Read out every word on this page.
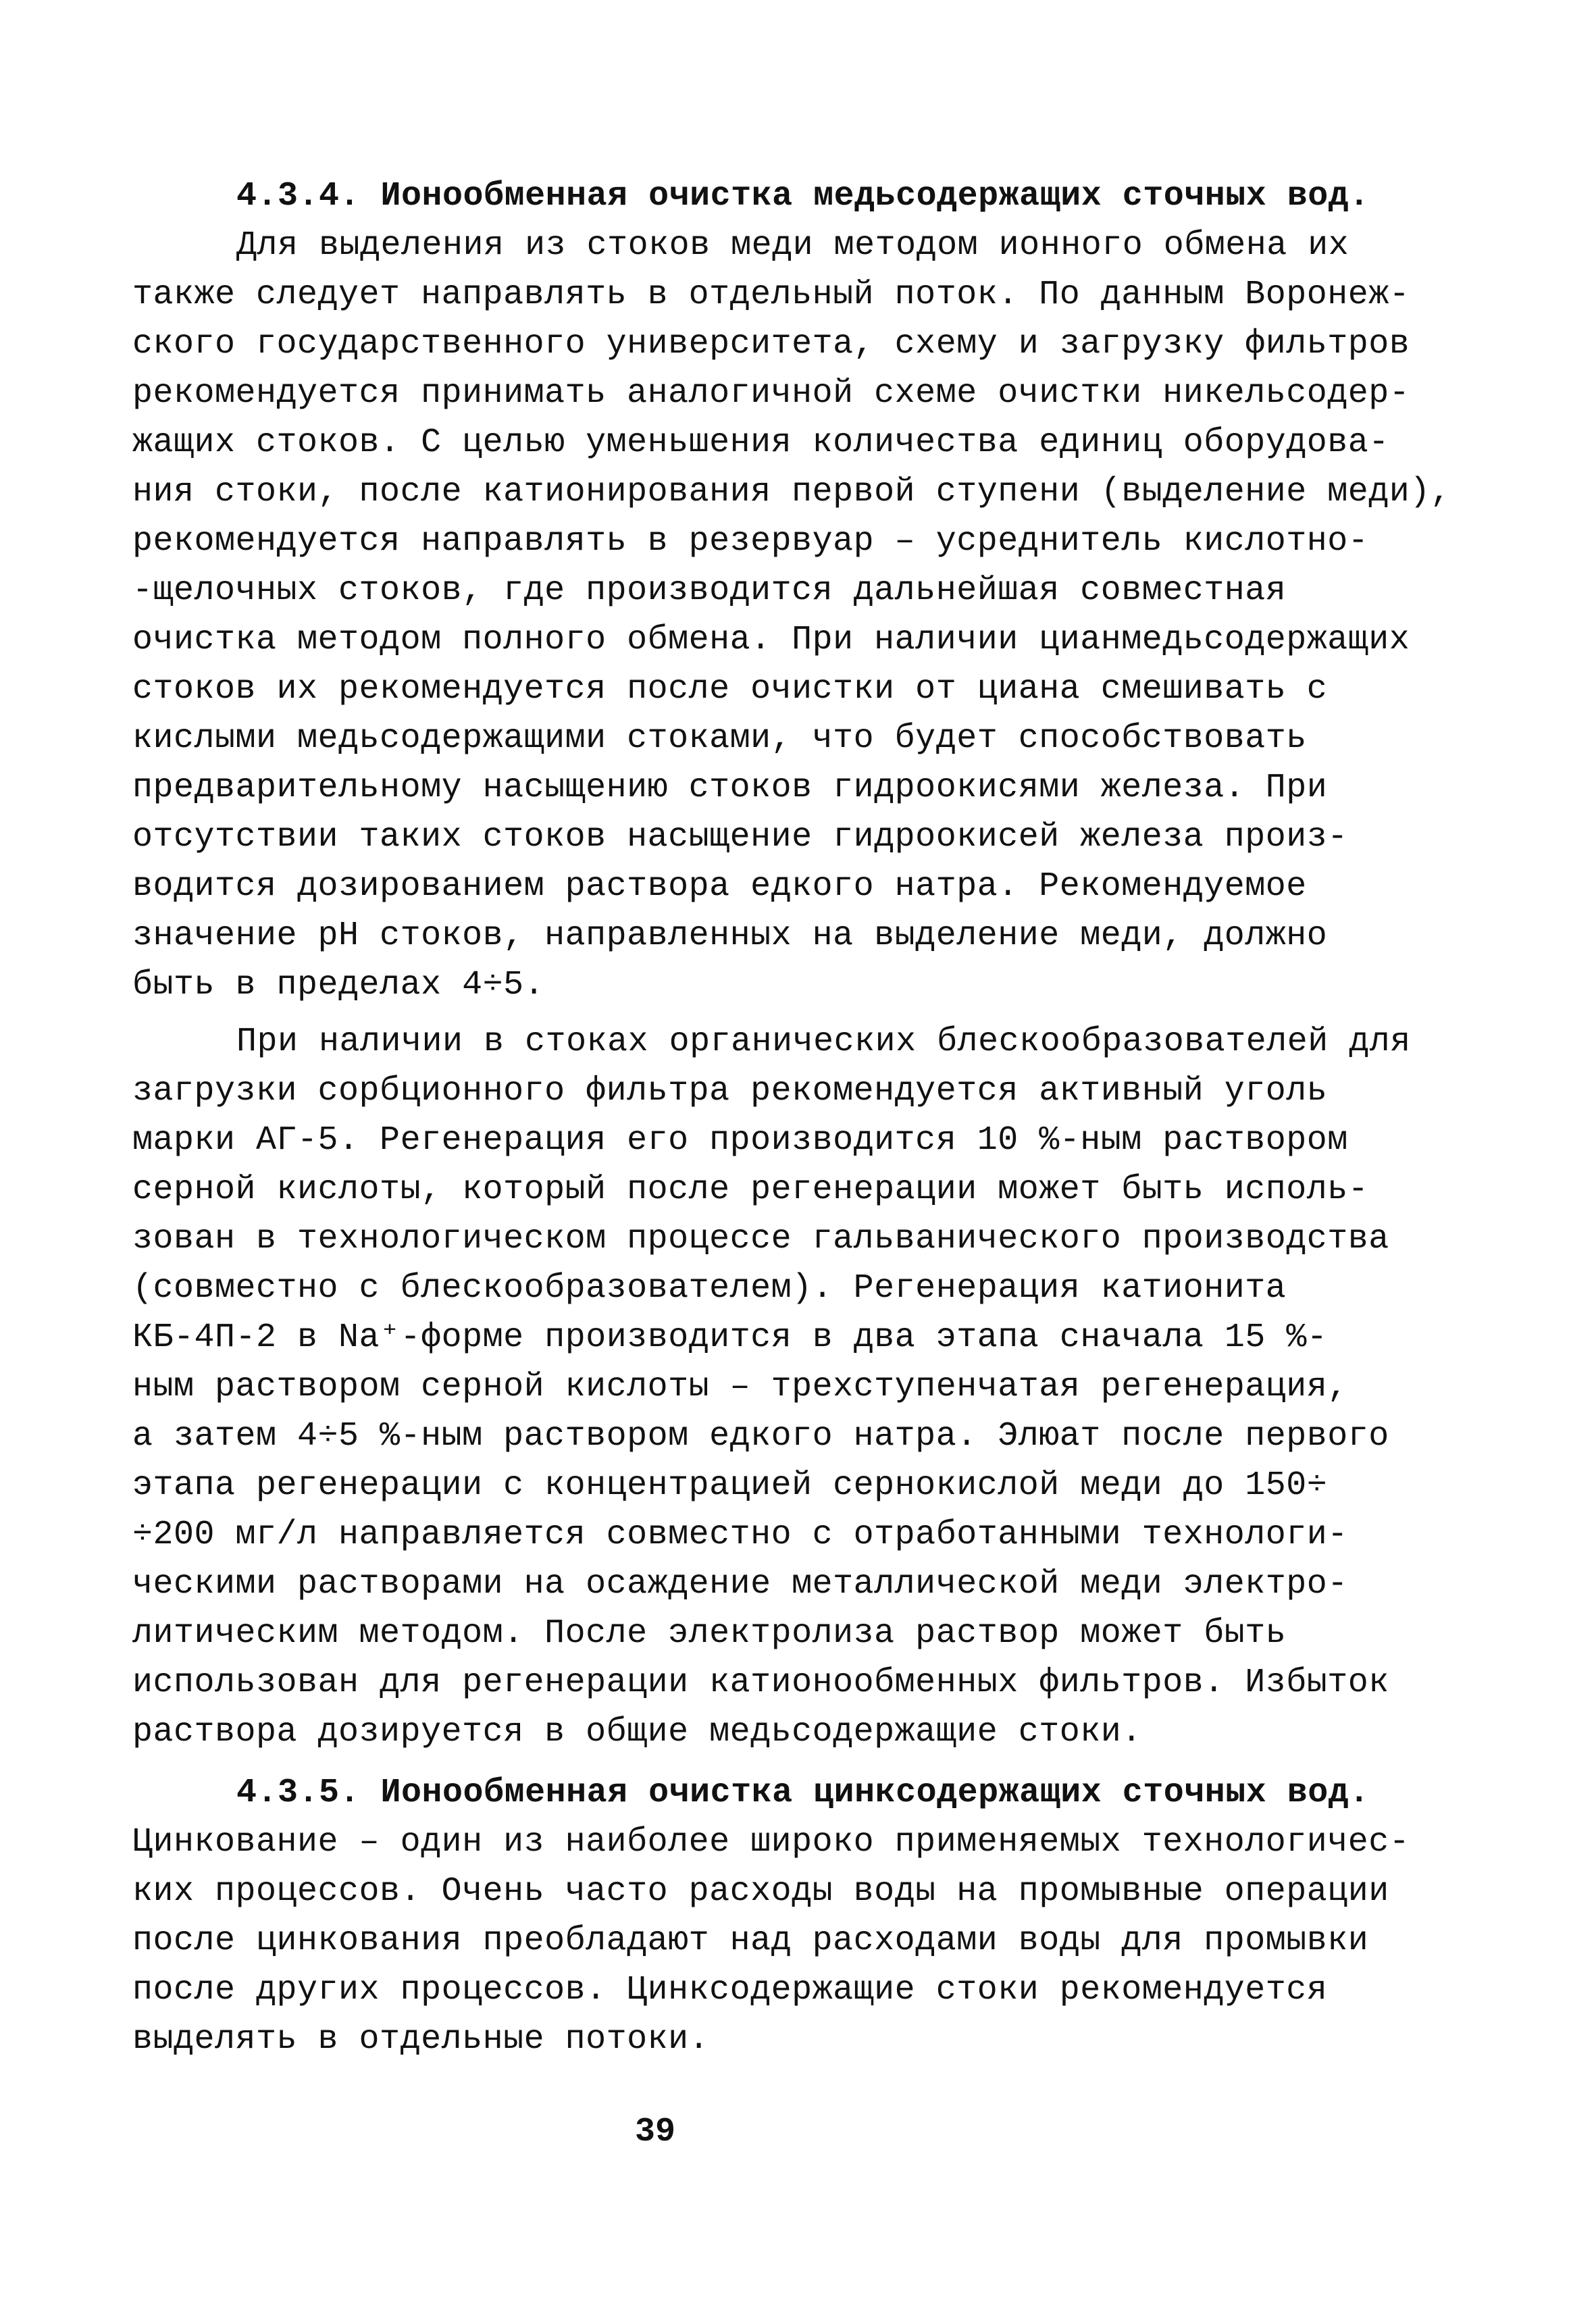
4.3.4. Ионообменная очистка медьсодержащих сточных вод.
Для выделения из стоков меди методом ионного обмена их
также следует направлять в отдельный поток. По данным Воронеж-
ского государственного университета, схему и загрузку фильтров
рекомендуется принимать аналогичной схеме очистки никельсодер-
жащих стоков. С целью уменьшения количества единиц оборудова-
ния стоки, после катионирования первой ступени (выделение меди),
рекомендуется направлять в резервуар – усреднитель кислотно-
-щелочных стоков, где производится дальнейшая совместная
очистка методом полного обмена. При наличии цианмедьсодержащих
стоков их рекомендуется после очистки от циана смешивать с
кислыми медьсодержащими стоками, что будет способствовать
предварительному насыщению стоков гидроокисями железа. При
отсутствии таких стоков насыщение гидроокисей железа произ-
водится дозированием раствора едкого натра. Рекомендуемое
значение pH стоков, направленных на выделение меди, должно
быть в пределах 4÷5.
При наличии в стоках органических блескообразователей для
загрузки сорбционного фильтра рекомендуется активный уголь
марки АГ-5. Регенерация его производится 10 %-ным раствором
серной кислоты, который после регенерации может быть исполь-
зован в технологическом процессе гальванического производства
(совместно с блескообразователем). Регенерация катионита
КБ-4П-2 в Na⁺-форме производится в два этапа сначала 15 %-
ным раствором серной кислоты – трехступенчатая регенерация,
а затем 4÷5 %-ным раствором едкого натра. Элюат после первого
этапа регенерации с концентрацией сернокислой меди до 150÷
÷200 мг/л направляется совместно с отработанными технологи-
ческими растворами на осаждение металлической меди электро-
литическим методом. После электролиза раствор может быть
использован для регенерации катионообменных фильтров. Избыток
раствора дозируется в общие медьсодержащие стоки.
4.3.5. Ионообменная очистка цинксодержащих сточных вод.
Цинкование – один из наиболее широко применяемых технологичес-
ких процессов. Очень часто расходы воды на промывные операции
после цинкования преобладают над расходами воды для промывки
после других процессов. Цинксодержащие стоки рекомендуется
выделять в отдельные потоки.
39
